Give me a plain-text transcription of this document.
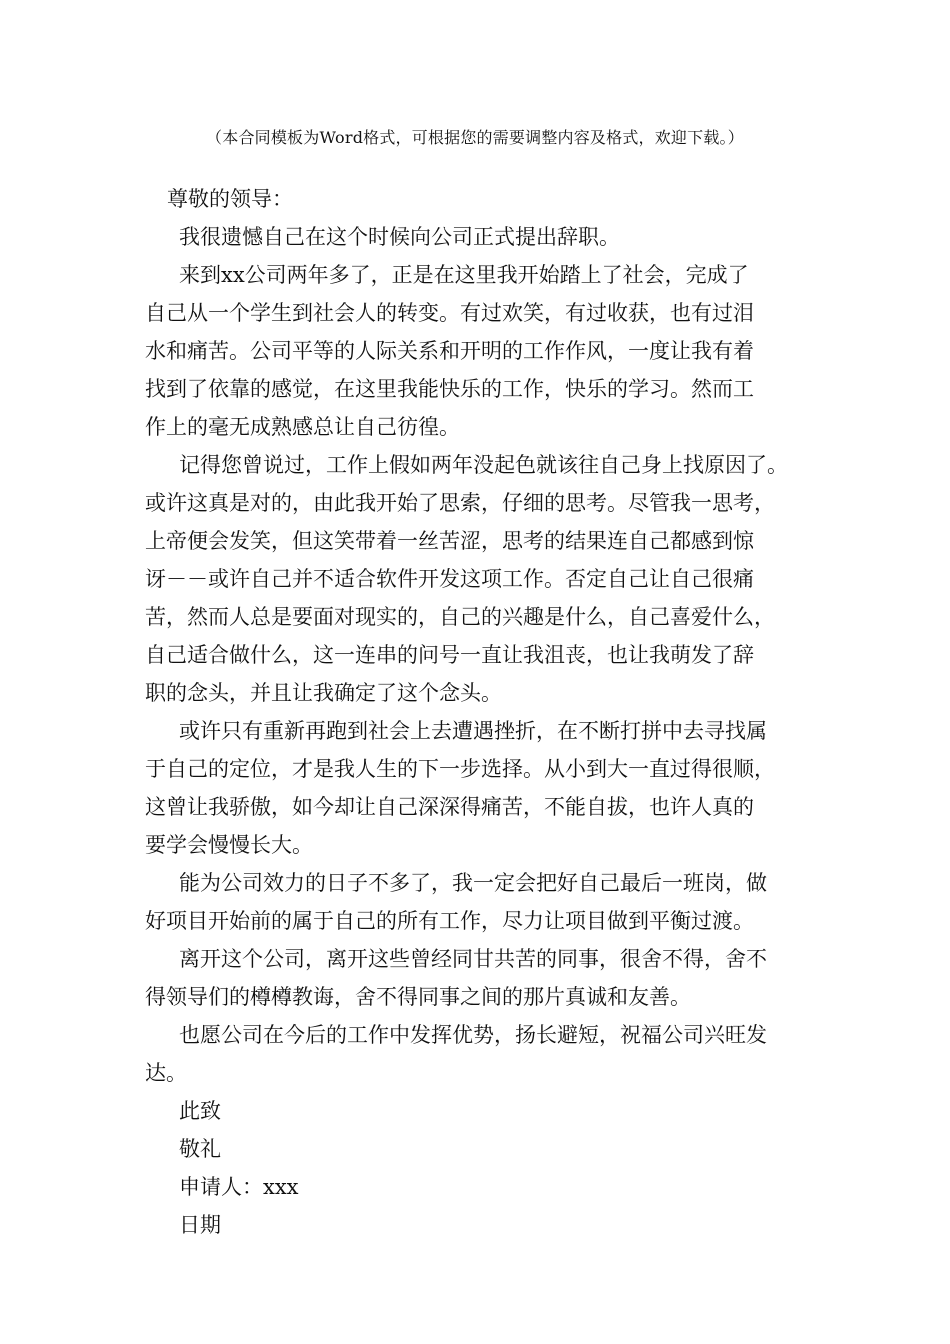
（本合同模板为Word格式，可根据您的需要调整内容及格式，欢迎下载。）
尊敬的领导：
我很遗憾自己在这个时候向公司正式提出辞职。
来到xx公司两年多了，正是在这里我开始踏上了社会，完成了
自己从一个学生到社会人的转变。有过欢笑，有过收获，也有过泪
水和痛苦。公司平等的人际关系和开明的工作作风，一度让我有着
找到了依靠的感觉，在这里我能快乐的工作，快乐的学习。然而工
作上的毫无成熟感总让自己彷徨。
记得您曾说过，工作上假如两年没起色就该往自己身上找原因了。
或许这真是对的，由此我开始了思索，仔细的思考。尽管我一思考，
上帝便会发笑，但这笑带着一丝苦涩，思考的结果连自己都感到惊
讶－－或许自己并不适合软件开发这项工作。否定自己让自己很痛
苦，然而人总是要面对现实的，自己的兴趣是什么，自己喜爱什么，
自己适合做什么，这一连串的问号一直让我沮丧，也让我萌发了辞
职的念头，并且让我确定了这个念头。
或许只有重新再跑到社会上去遭遇挫折，在不断打拼中去寻找属
于自己的定位，才是我人生的下一步选择。从小到大一直过得很顺，
这曾让我骄傲，如今却让自己深深得痛苦，不能自拔，也许人真的
要学会慢慢长大。
能为公司效力的日子不多了，我一定会把好自己最后一班岗，做
好项目开始前的属于自己的所有工作，尽力让项目做到平衡过渡。
离开这个公司，离开这些曾经同甘共苦的同事，很舍不得，舍不
得领导们的樽樽教诲，舍不得同事之间的那片真诚和友善。
也愿公司在今后的工作中发挥优势，扬长避短，祝福公司兴旺发
达。
此致
敬礼
申请人：xxx
日期
